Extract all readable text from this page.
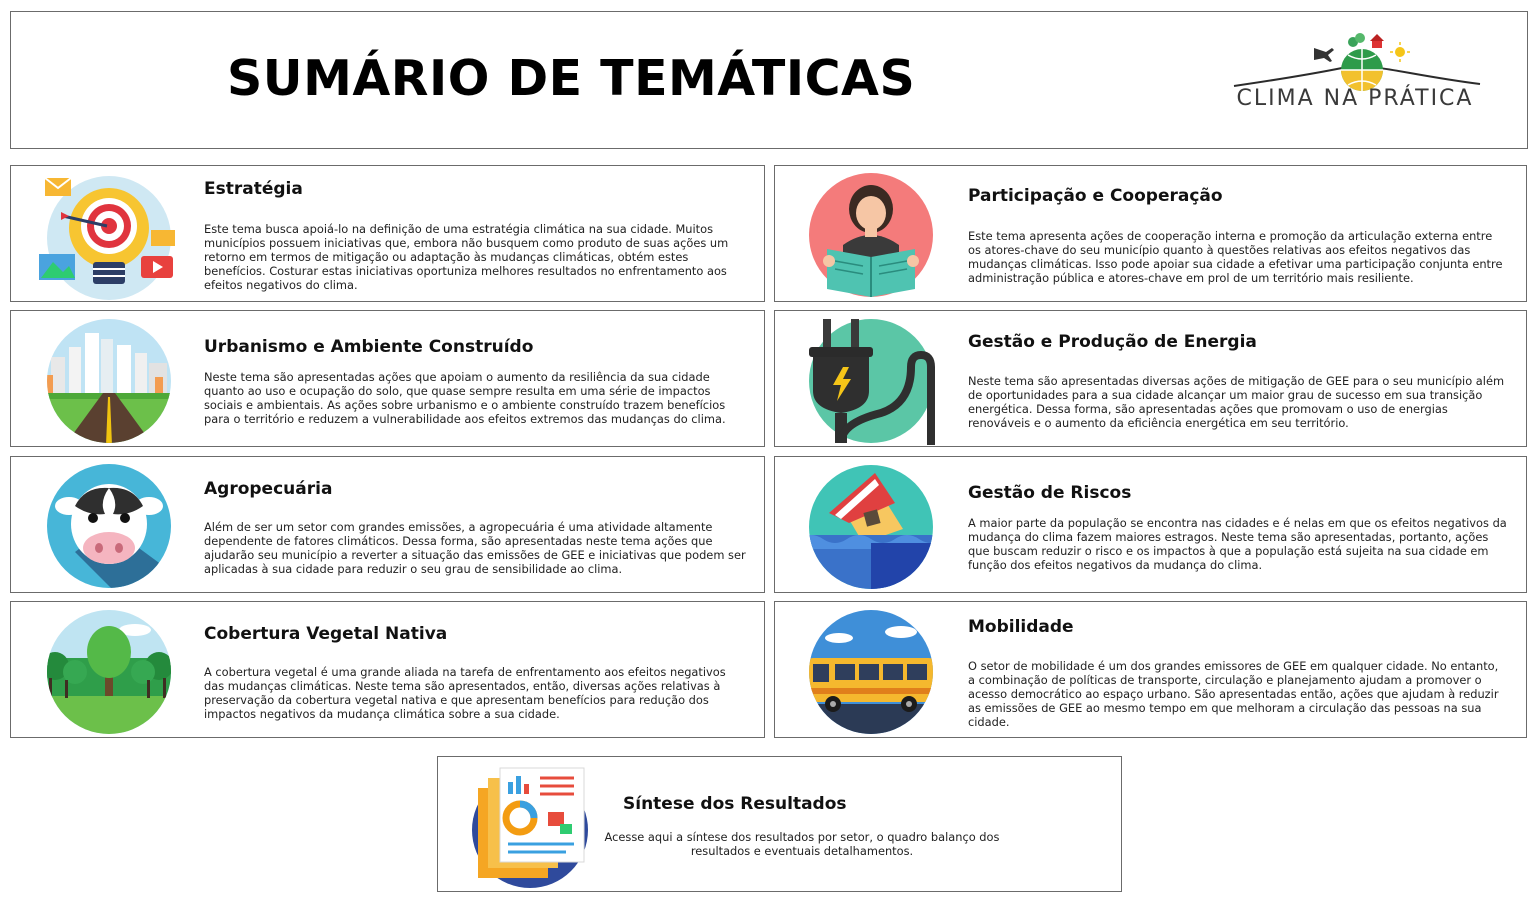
SUMÁRIO DE TEMÁTICAS	CLIMA NA PRÁTICA
Estratégia
Este tema busca apoiá-lo na definição de uma estratégia climática na sua cidade. Muitos municípios possuem iniciativas que, embora não busquem como produto de suas ações um retorno em termos de mitigação ou adaptação às mudanças climáticas, obtém estes benefícios. Costurar estas iniciativas oportuniza melhores resultados no enfrentamento aos efeitos negativos do clima.
Participação e Cooperação
Este tema apresenta ações de cooperação interna e promoção da articulação externa entre os atores-chave do seu município quanto à questões relativas aos efeitos negativos das mudanças climáticas. Isso pode apoiar sua cidade a efetivar uma participação conjunta entre administração pública e atores-chave em prol de um território mais resiliente.
Urbanismo e Ambiente Construído
Neste tema são apresentadas ações que apoiam o aumento da resiliência da sua cidade quanto ao uso e ocupação do solo, que quase sempre resulta em uma série de impactos sociais e ambientais. As ações sobre urbanismo e o ambiente construído trazem benefícios para o território e reduzem a vulnerabilidade aos efeitos extremos das mudanças do clima.
Gestão e Produção de Energia
Neste tema são apresentadas diversas ações de mitigação de GEE para o seu município além de oportunidades para a sua cidade alcançar um maior grau de sucesso em sua transição energética. Dessa forma, são apresentadas ações que promovam o uso de energias renováveis e o aumento da eficiência energética em seu território.
Agropecuária
Além de ser um setor com grandes emissões, a agropecuária é uma atividade altamente dependente de fatores climáticos. Dessa forma, são apresentadas neste tema ações que ajudarão seu município a reverter a situação das emissões de GEE e iniciativas que podem ser aplicadas à sua cidade para reduzir o seu grau de sensibilidade ao clima.
Gestão de Riscos
A maior parte da população se encontra nas cidades e é nelas em que os efeitos negativos da mudança do clima fazem maiores estragos. Neste tema são apresentadas, portanto, ações que buscam reduzir o risco e os impactos à que a população está sujeita na sua cidade em função dos efeitos negativos da mudança do clima.
Cobertura Vegetal Nativa
A cobertura vegetal é uma grande aliada na tarefa de enfrentamento aos efeitos negativos das mudanças climáticas. Neste tema são apresentados, então, diversas ações relativas à preservação da cobertura vegetal nativa e que apresentam benefícios para redução dos impactos negativos da mudança climática sobre a sua cidade.
Mobilidade
O setor de mobilidade é um dos grandes emissores de GEE em qualquer cidade. No entanto, a combinação de políticas de transporte, circulação e planejamento ajudam a promover o acesso democrático ao espaço urbano. São apresentadas então, ações que ajudam à reduzir as emissões de GEE ao mesmo tempo em que melhoram a circulação das pessoas na sua cidade.
Síntese dos Resultados
Acesse aqui a síntese dos resultados por setor, o quadro balanço dos resultados e eventuais detalhamentos.
